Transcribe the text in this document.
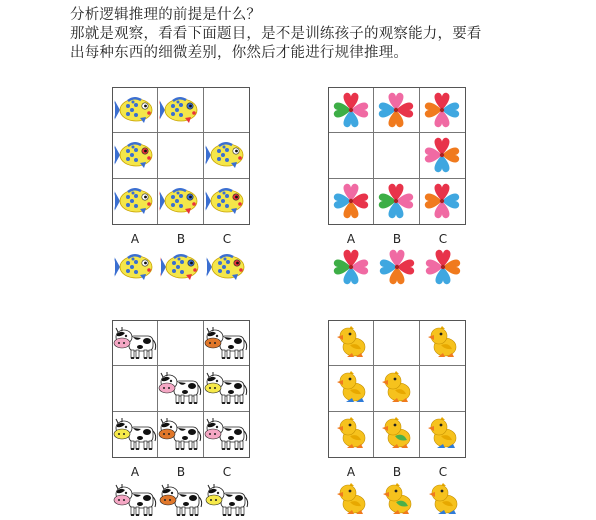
分析逻辑推理的前提是什么？
那就是观察，看看下面题目，是不是训练孩子的观察能力，要看
出每种东西的细微差别，你然后才能进行规律推理。
A	B	C	A	B	C
A	B	C	A	B	C
